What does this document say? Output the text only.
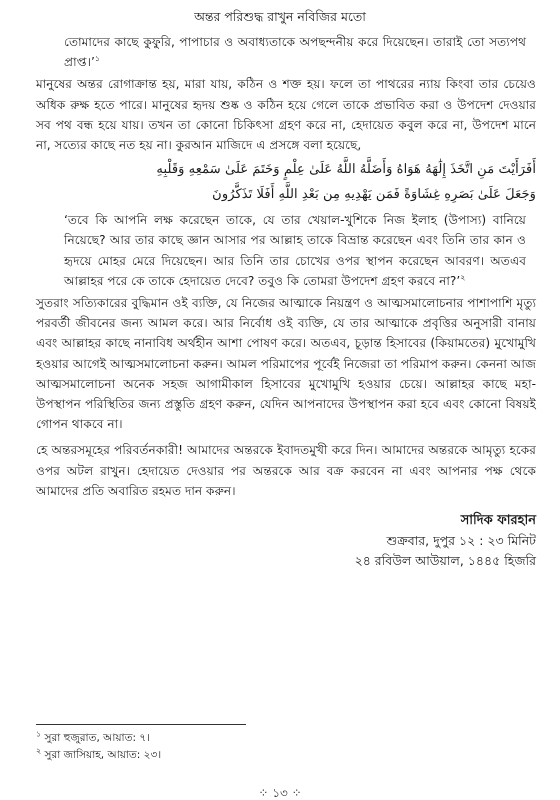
অন্তর পরিশুদ্ধ রাখুন নবিজির মতো

তোমাদের কাছে কুফুরি, পাপাচার ও অবাধ্যতাকে অপছন্দনীয় করে দিয়েছেন। তারাই তো সত্যপথ প্রাপ্ত।’$^১$

মানুষের অন্তর রোগাক্রান্ত হয়, মারা যায়, কঠিন ও শক্ত হয়। ফলে তা পাথরের ন্যায় কিংবা তার চেয়েও অধিক রুক্ষ হতে পারে। মানুষের হৃদয় শুষ্ক ও কঠিন হয়ে গেলে তাকে প্রভাবিত করা ও উপদেশ দেওয়ার সব পথ বন্ধ হয়ে যায়। তখন তা কোনো চিকিৎসা গ্রহণ করে না, হেদায়েত কবুল করে না, উপদেশ মানে না, সত্যের কাছে নত হয় না। কুরআন মাজিদে এ প্রসঙ্গে বলা হয়েছে,

أَفَرَأَيْتَ مَنِ اتَّخَذَ إِلَٰهَهُ هَوَاهُ وَأَضَلَّهُ اللَّهُ عَلَىٰ عِلْمٍ وَخَتَمَ عَلَىٰ سَمْعِهِ وَقَلْبِهِ
وَجَعَلَ عَلَىٰ بَصَرِهِ غِشَاوَةً فَمَن يَهْدِيهِ مِن بَعْدِ اللَّهِ أَفَلَا تَذَكَّرُونَ

‘তবে কি আপনি লক্ষ করেছেন তাকে, যে তার খেয়াল-খুশিকে নিজ ইলাহ (উপাস্য) বানিয়ে নিয়েছে? আর তার কাছে জ্ঞান আসার পর আল্লাহ তাকে বিভ্রান্ত করেছেন এবং তিনি তার কান ও হৃদয়ে মোহর মেরে দিয়েছেন। আর তিনি তার চোখের ওপর স্থাপন করেছেন আবরণ। অতএব আল্লাহর পরে কে তাকে হেদায়েত দেবে? তবুও কি তোমরা উপদেশ গ্রহণ করবে না?’$^২$

সুতরাং সত্যিকারের বুদ্ধিমান ওই ব্যক্তি, যে নিজের আত্মাকে নিয়ন্ত্রণ ও আত্মসমালোচনার পাশাপাশি মৃত্যু পরবর্তী জীবনের জন্য আমল করে। আর নির্বোধ ওই ব্যক্তি, যে তার আত্মাকে প্রবৃত্তির অনুসারী বানায় এবং আল্লাহর কাছে নানাবিধ অর্থহীন আশা পোষণ করে। অতএব, চূড়ান্ত হিসাবের (কিয়ামতের) মুখোমুখি হওয়ার আগেই আত্মসমালোচনা করুন। আমল পরিমাপের পূর্বেই নিজেরা তা পরিমাপ করুন। কেননা আজ আত্মসমালোচনা অনেক সহজ আগামীকাল হিসাবের মুখোমুখি হওয়ার চেয়ে। আল্লাহর কাছে মহা-উপস্থাপন পরিস্থিতির জন্য প্রস্তুতি গ্রহণ করুন, যেদিন আপনাদের উপস্থাপন করা হবে এবং কোনো বিষয়ই গোপন থাকবে না।

হে অন্তরসমূহের পরিবর্তনকারী! আমাদের অন্তরকে ইবাদতমুখী করে দিন। আমাদের অন্তরকে আমৃত্যু হকের ওপর অটল রাখুন। হেদায়েত দেওয়ার পর অন্তরকে আর বক্র করবেন না এবং আপনার পক্ষ থেকে আমাদের প্রতি অবারিত রহমত দান করুন।

সাদিক ফারহান
শুক্রবার, দুপুর ১২ : ২৩ মিনিট
২৪ রবিউল আউয়াল, ১৪৪৫ হিজরি
$^১$ সুরা হুজুরাত, আয়াত: ৭।
$^২$ সুরা জাসিয়াহ, আয়াত: ২৩।
⁘ ১৩ ⁘
